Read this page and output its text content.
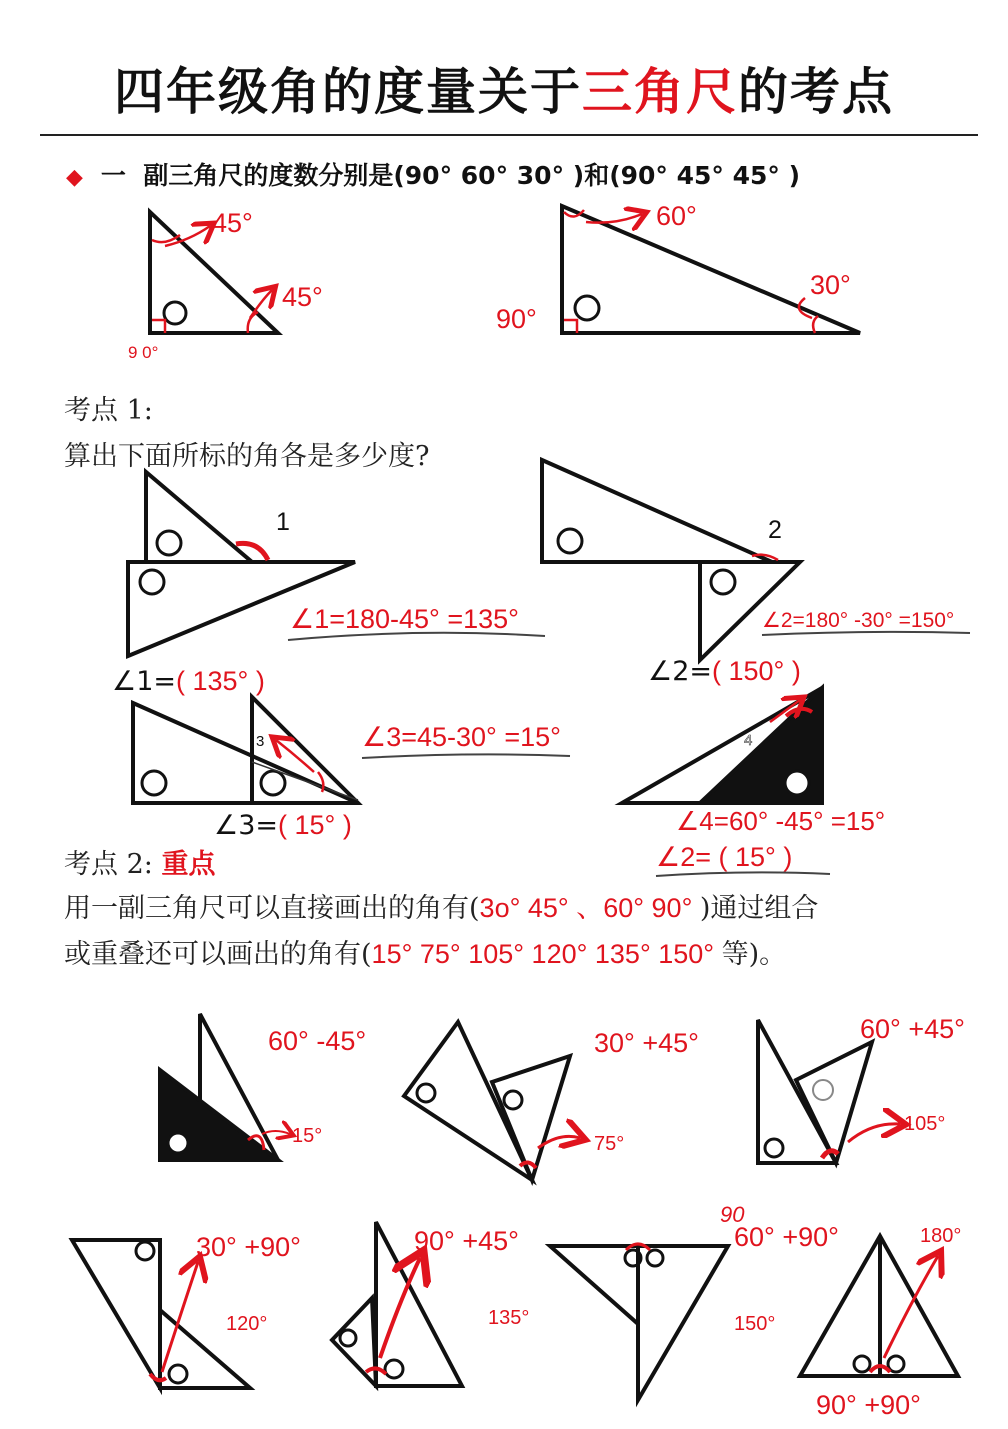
四年级角的度量关于三角尺的考点
◆ 一 副三角尺的度数分别是(90° 60° 30° )和(90° 45° 45° )
考点 1:
算出下面所标的角各是多少度?
∠1=( 135° )	∠2=( 150° )
∠3=( 15° )
∠1=180-45° =135°	∠2=180° -30° =150°
∠3=45-30° =15°
∠4=60° -45° =15°
∠2= ( 15° )
考点 2: 重点
用一副三角尺可以直接画出的角有(3o° 45° 、60° 90° )通过组合
或重叠还可以画出的角有(15° 75° 105° 120° 135° 150° 等)。
45°
45°
9 0°
60°
30°
90°
1	2
3	4
60° -45°
15°
30° +45°
75°
60° +45°
105°
30° +90°
120°
90° +45°
135°
60° +90°
90
150°
90° +90°
180°
